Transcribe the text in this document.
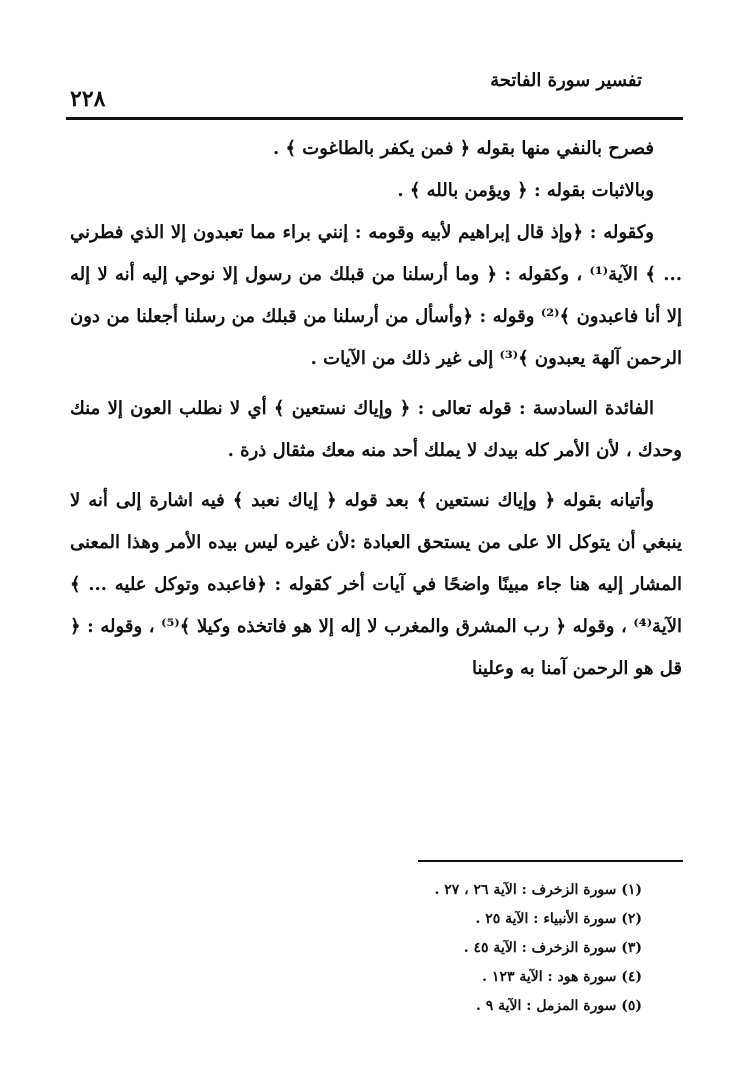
تفسير سورة الفاتحة
٢٢٨

فصرح بالنفي منها بقوله ﴿ فمن يكفر بالطاغوت ﴾ .

وبالاثبات بقوله : ﴿ ويؤمن بالله ﴾ .

وكقوله : ﴿وإذ قال إبراهيم لأبيه وقومه : إنني براء مما تعبدون إلا الذي فطرني ... ﴾ الآية⁽¹⁾ ، وكقوله : ﴿ وما أرسلنا من قبلك من رسول إلا نوحي إليه أنه لا إله إلا أنا فاعبدون ﴾⁽²⁾ وقوله : ﴿وأسأل من أرسلنا من قبلك من رسلنا أجعلنا من دون الرحمن آلهة يعبدون ﴾⁽³⁾ إلى غير ذلك من الآيات .

الفائدة السادسة : قوله تعالى : ﴿ وإياك نستعين ﴾ أي لا نطلب العون إلا منك وحدك ، لأن الأمر كله بيدك لا يملك أحد منه معك مثقال ذرة .

وأتيانه بقوله ﴿ وإياك نستعين ﴾ بعد قوله ﴿ إياك نعبد ﴾ فيه اشارة إلى أنه لا ينبغي أن يتوكل الا على من يستحق العبادة :لأن غيره ليس بيده الأمر وهذا المعنى المشار إليه هنا جاء مبينًا واضحًا في آيات أخر كقوله : ﴿فاعبده وتوكل عليه ... ﴾ الآية⁽⁴⁾ ، وقوله ﴿ رب المشرق والمغرب لا إله إلا هو فاتخذه وكيلا ﴾⁽⁵⁾ ، وقوله : ﴿ قل هو الرحمن آمنا به وعلينا

(١) سورة الزخرف : الآية ٢٦ ، ٢٧ .
(٢) سورة الأنبياء : الآية ٢٥ .
(٣) سورة الزخرف : الآية ٤٥ .
(٤) سورة هود : الآية ١٢٣ .
(٥) سورة المزمل : الآية ٩ .
